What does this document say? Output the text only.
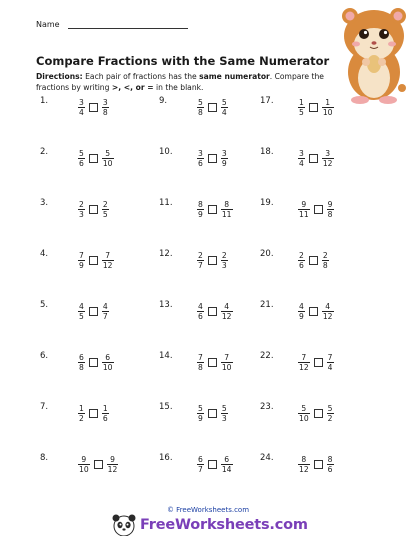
Name
Compare Fractions with the Same Numerator
Directions: Each pair of fractions has the same numerator. Compare the fractions by writing >, <, or = in the blank.
1.	$\frac{3}{4} \frac{3}{8}$
2.	$\frac{5}{6} \frac{5}{10}$
3.	$\frac{2}{3} \frac{2}{5}$
4.	$\frac{7}{9} \frac{7}{12}$
5.	$\frac{4}{5} \frac{4}{7}$
6.	$\frac{6}{8} \frac{6}{10}$
7.	$\frac{1}{2} \frac{1}{6}$
8.	$\frac{9}{10} \frac{9}{12}$
9.	$\frac{5}{8} \frac{5}{4}$
10.	$\frac{3}{6} \frac{3}{9}$
11.	$\frac{8}{9} \frac{8}{11}$
12.	$\frac{2}{7} \frac{2}{3}$
13.	$\frac{4}{6} \frac{4}{12}$
14.	$\frac{7}{8} \frac{7}{10}$
15.	$\frac{5}{9} \frac{5}{3}$
16.	$\frac{6}{7} \frac{6}{14}$
17.	$\frac{1}{5} \frac{1}{10}$
18.	$\frac{3}{4} \frac{3}{12}$
19.	$\frac{9}{11} \frac{9}{8}$
20.	$\frac{2}{6} \frac{2}{8}$
21.	$\frac{4}{9} \frac{4}{12}$
22.	$\frac{7}{12} \frac{7}{4}$
23.	$\frac{5}{10} \frac{5}{2}$
24.	$\frac{8}{12} \frac{8}{6}$
© FreeWorksheets.com
FreeWorksheets.com
